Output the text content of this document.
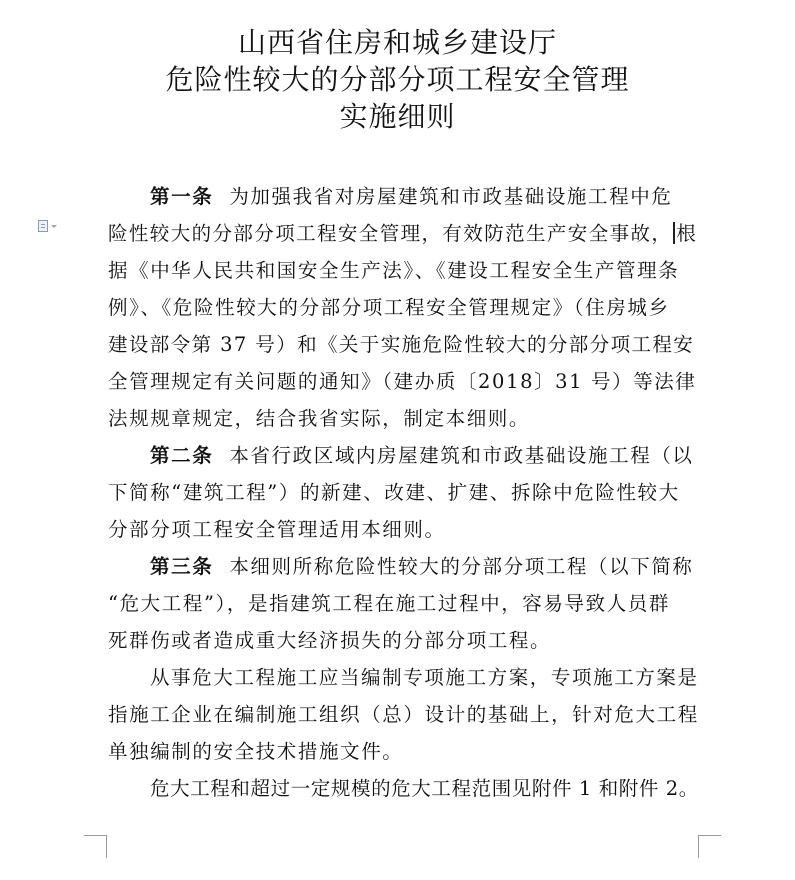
山西省住房和城乡建设厅
危险性较大的分部分项工程安全管理
实施细则
第一条 为加强我省对房屋建筑和市政基础设施工程中危
险性较大的分部分项工程安全管理，有效防范生产安全事故， 根
据《中华人民共和国安全生产法》、《建设工程安全生产管理条
例》、《危险性较大的分部分项工程安全管理规定》（住房城乡
建设部令第 37 号）和《关于实施危险性较大的分部分项工程安
全管理规定有关问题的通知》（建办质〔2018〕31 号）等法律
法规规章规定，结合我省实际，制定本细则。
第二条 本省行政区域内房屋建筑和市政基础设施工程（以
下简称“建筑工程”）的新建、改建、扩建、拆除中危险性较大
分部分项工程安全管理适用本细则。
第三条 本细则所称危险性较大的分部分项工程（以下简称
“危大工程”），是指建筑工程在施工过程中，容易导致人员群
死群伤或者造成重大经济损失的分部分项工程。
从事危大工程施工应当编制专项施工方案，专项施工方案是
指施工企业在编制施工组织（总）设计的基础上，针对危大工程
单独编制的安全技术措施文件。
危大工程和超过一定规模的危大工程范围见附件 1 和附件 2。
